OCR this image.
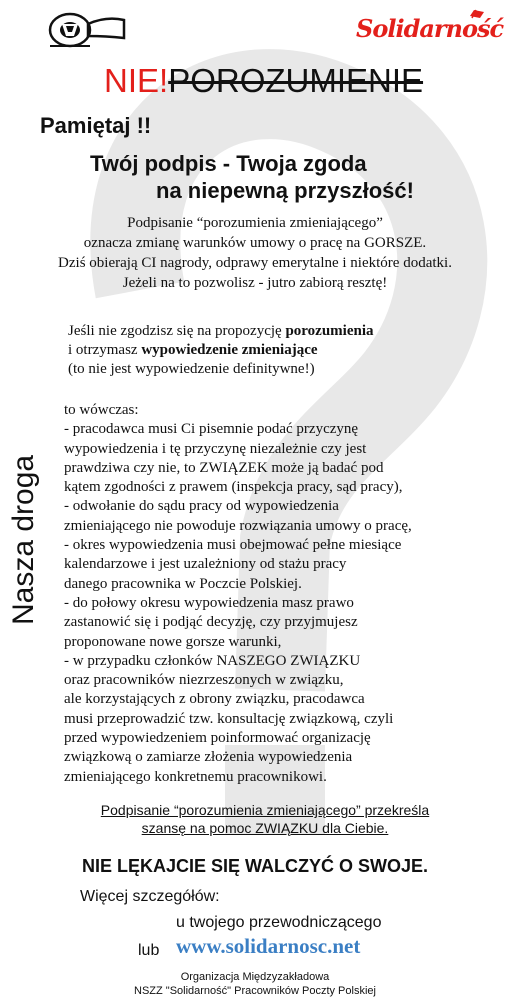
Solidarność
NIE!POROZUMIENIE
Pamiętaj !!
Twój podpis - Twoja zgoda
na niepewną przyszłość!
Podpisanie “porozumienia zmieniającego”
oznacza zmianę warunków umowy o pracę na GORSZE.
Dziś obierają CI nagrody, odprawy emerytalne i niektóre dodatki.
Jeżeli na to pozwolisz - jutro zabiorą resztę!
Jeśli nie zgodzisz się na propozycję porozumienia
i otrzymasz wypowiedzenie zmieniające
(to nie jest wypowiedzenie definitywne!)
Nasza droga
to wówczas:
- pracodawca musi Ci pisemnie podać przyczynę
wypowiedzenia i tę przyczynę niezależnie czy jest
prawdziwa czy nie, to ZWIĄZEK może ją badać pod
kątem zgodności z prawem (inspekcja pracy, sąd pracy),
- odwołanie do sądu pracy od wypowiedzenia
zmieniającego nie powoduje rozwiązania umowy o pracę,
- okres wypowiedzenia musi obejmować pełne miesiące
kalendarzowe i jest uzależniony od stażu pracy
danego pracownika w Poczcie Polskiej.
- do połowy okresu wypowiedzenia masz prawo
zastanowić się i podjąć decyzję, czy przyjmujesz
proponowane nowe gorsze warunki,
- w przypadku członków NASZEGO ZWIĄZKU
oraz pracowników niezrzeszonych w związku,
ale korzystających z obrony związku, pracodawca
musi przeprowadzić tzw. konsultację związkową, czyli
przed wypowiedzeniem poinformować organizację
związkową o zamiarze złożenia wypowiedzenia
zmieniającego konkretnemu pracownikowi.
Podpisanie “porozumienia zmieniającego” przekreśla
szansę na pomoc ZWIĄZKU dla Ciebie.
NIE LĘKAJCIE SIĘ WALCZYĆ O SWOJE.
Więcej szczegółów:
u twojego przewodniczącego
lub www.solidarnosc.net
Organizacja Międzyzakładowa
NSZZ "Solidarność" Pracowników Poczty Polskiej
